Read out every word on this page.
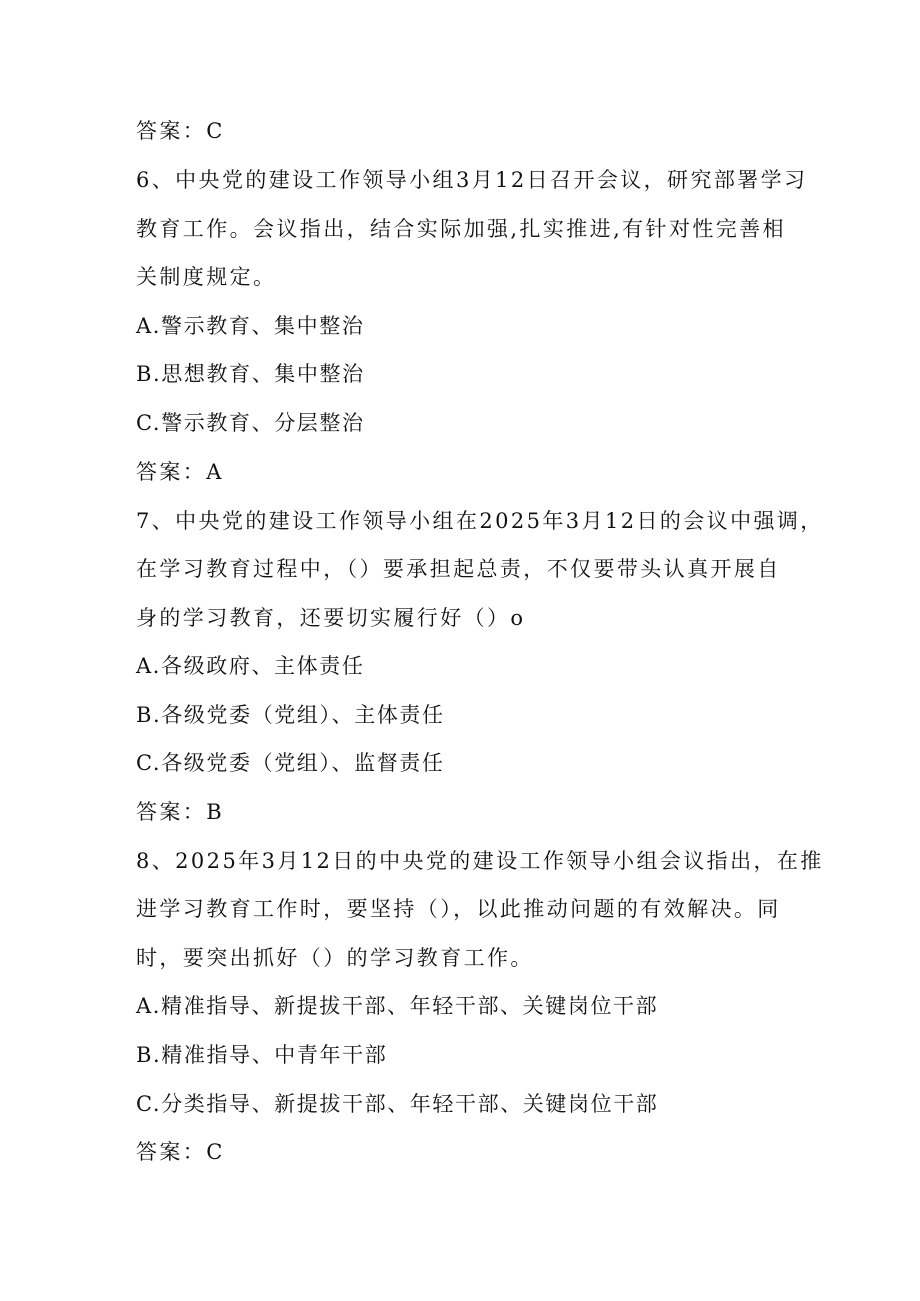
答案：C
6、中央党的建设工作领导小组3月12日召开会议，研究部署学习
教育工作。会议指出，结合实际加强,扎实推进,有针对性完善相
关制度规定。
A.警示教育、集中整治
B.思想教育、集中整治
C.警示教育、分层整治
答案：A
7、中央党的建设工作领导小组在2025年3月12日的会议中强调，
在学习教育过程中，（）要承担起总责，不仅要带头认真开展自
身的学习教育，还要切实履行好（）o
A.各级政府、主体责任
B.各级党委（党组）、主体责任
C.各级党委（党组）、监督责任
答案：B
8、2025年3月12日的中央党的建设工作领导小组会议指出，在推
进学习教育工作时，要坚持（），以此推动问题的有效解决。同
时，要突出抓好（）的学习教育工作。
A.精准指导、新提拔干部、年轻干部、关键岗位干部
B.精准指导、中青年干部
C.分类指导、新提拔干部、年轻干部、关键岗位干部
答案：C
